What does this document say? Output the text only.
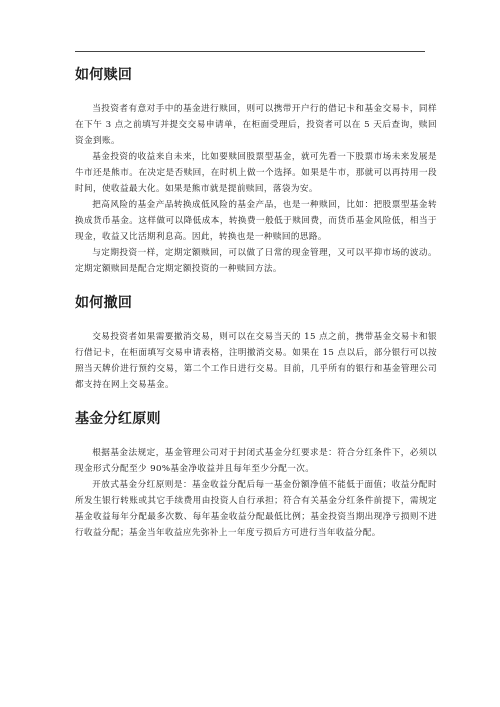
如何赎回

当投资者有意对手中的基金进行赎回，则可以携带开户行的借记卡和基金交易卡，同样在下午 3 点之前填写并提交交易申请单，在柜面受理后，投资者可以在 5 天后查询，赎回资金到账。

基金投资的收益来自未来，比如要赎回股票型基金，就可先看一下股票市场未来发展是牛市还是熊市。在决定是否赎回，在时机上做一个选择。如果是牛市，那就可以再持用一段时间，使收益最大化。如果是熊市就是提前赎回，落袋为安。

把高风险的基金产品转换成低风险的基金产品，也是一种赎回，比如：把股票型基金转换成货币基金。这样做可以降低成本，转换费一般低于赎回费，而货币基金风险低，相当于现金，收益又比活期利息高。因此，转换也是一种赎回的思路。

与定期投资一样，定期定额赎回，可以做了日常的现金管理，又可以平抑市场的波动。定期定额赎回是配合定期定额投资的一种赎回方法。

如何撤回

交易投资者如果需要撤消交易，则可以在交易当天的 15 点之前，携带基金交易卡和银行借记卡，在柜面填写交易申请表格，注明撤消交易。如果在 15 点以后，部分银行可以按照当天牌价进行预约交易，第二个工作日进行交易。目前，几乎所有的银行和基金管理公司都支持在网上交易基金。

基金分红原则

根据基金法规定，基金管理公司对于封闭式基金分红要求是：符合分红条件下，必须以现金形式分配至少 90%基金净收益并且每年至少分配一次。

开放式基金分红原则是：基金收益分配后每一基金份额净值不能低于面值；收益分配时所发生银行转账或其它手续费用由投资人自行承担；符合有关基金分红条件前提下，需规定基金收益每年分配最多次数、每年基金收益分配最低比例；基金投资当期出现净亏损则不进行收益分配；基金当年收益应先弥补上一年度亏损后方可进行当年收益分配。
